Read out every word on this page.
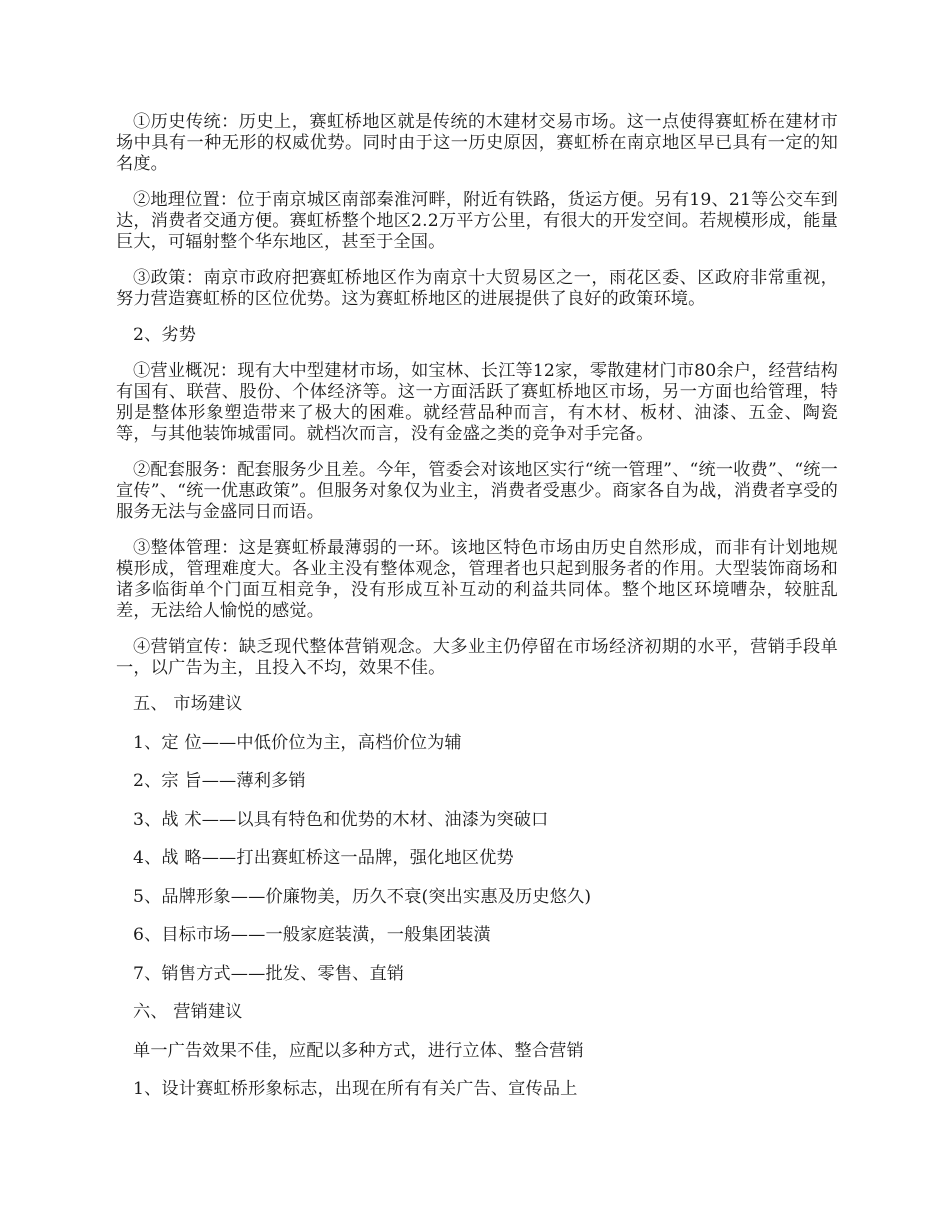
①历史传统：历史上，赛虹桥地区就是传统的木建材交易市场。这一点使得赛虹桥在建材市场中具有一种无形的权威优势。同时由于这一历史原因，赛虹桥在南京地区早已具有一定的知名度。

②地理位置：位于南京城区南部秦淮河畔，附近有铁路，货运方便。另有19、21等公交车到达，消费者交通方便。赛虹桥整个地区2.2万平方公里，有很大的开发空间。若规模形成，能量巨大，可辐射整个华东地区，甚至于全国。

③政策：南京市政府把赛虹桥地区作为南京十大贸易区之一，雨花区委、区政府非常重视，努力营造赛虹桥的区位优势。这为赛虹桥地区的进展提供了良好的政策环境。

2、劣势

①营业概况：现有大中型建材市场，如宝林、长江等12家，零散建材门市80余户，经营结构有国有、联营、股份、个体经济等。这一方面活跃了赛虹桥地区市场，另一方面也给管理，特别是整体形象塑造带来了极大的困难。就经营品种而言，有木材、板材、油漆、五金、陶瓷等，与其他装饰城雷同。就档次而言，没有金盛之类的竞争对手完备。

②配套服务：配套服务少且差。今年，管委会对该地区实行“统一管理”、“统一收费”、“统一宣传”、“统一优惠政策”。但服务对象仅为业主，消费者受惠少。商家各自为战，消费者享受的服务无法与金盛同日而语。

③整体管理：这是赛虹桥最薄弱的一环。该地区特色市场由历史自然形成，而非有计划地规模形成，管理难度大。各业主没有整体观念，管理者也只起到服务者的作用。大型装饰商场和诸多临街单个门面互相竞争，没有形成互补互动的利益共同体。整个地区环境嘈杂，较脏乱差，无法给人愉悦的感觉。

④营销宣传：缺乏现代整体营销观念。大多业主仍停留在市场经济初期的水平，营销手段单一，以广告为主，且投入不均，效果不佳。

五、 市场建议

1、定 位——中低价位为主，高档价位为辅

2、宗 旨——薄利多销

3、战 术——以具有特色和优势的木材、油漆为突破口

4、战 略——打出赛虹桥这一品牌，强化地区优势

5、品牌形象——价廉物美，历久不衰(突出实惠及历史悠久)

6、目标市场——一般家庭装潢，一般集团装潢

7、销售方式——批发、零售、直销

六、 营销建议

单一广告效果不佳，应配以多种方式，进行立体、整合营销

1、设计赛虹桥形象标志，出现在所有有关广告、宣传品上
